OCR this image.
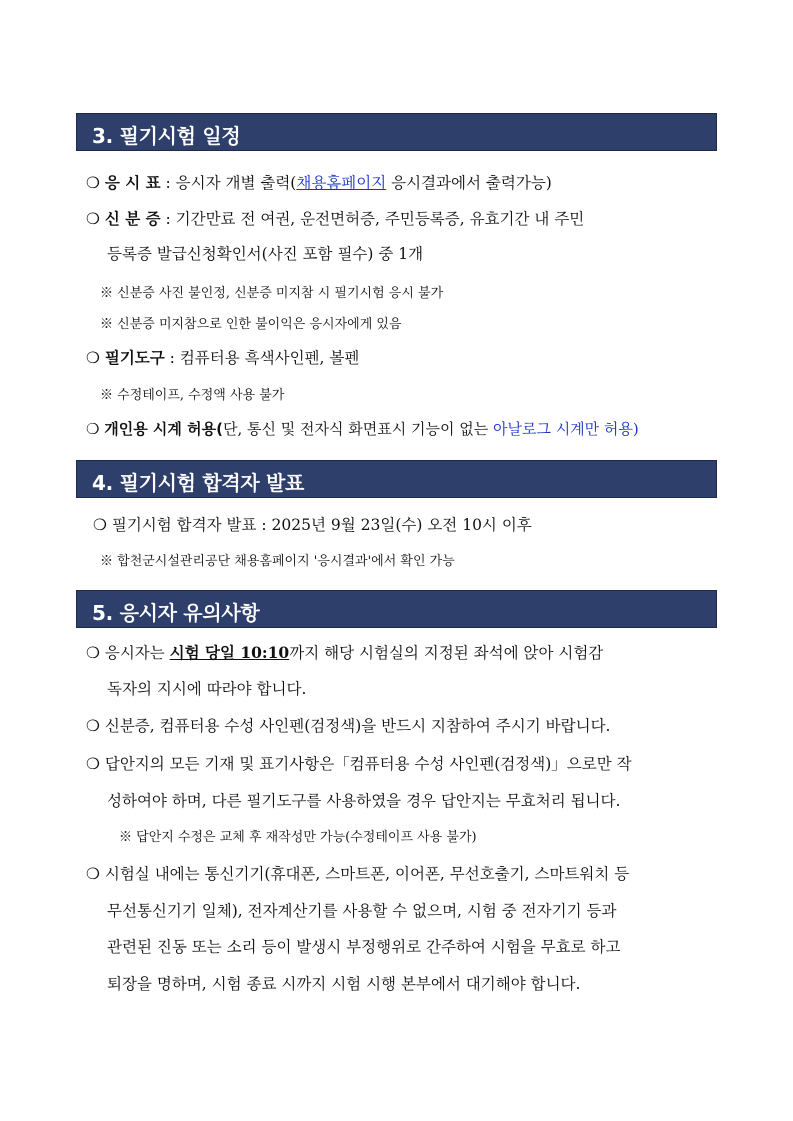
3. 필기시험 일정
❍ 응 시 표 : 응시자 개별 출력(채용홈페이지 응시결과에서 출력가능)
❍ 신 분 증 : 기간만료 전 여권, 운전면허증, 주민등록증, 유효기간 내 주민
등록증 발급신청확인서(사진 포함 필수) 중 1개
※ 신분증 사진 불인정, 신분증 미지참 시 필기시험 응시 불가
※ 신분증 미지참으로 인한 불이익은 응시자에게 있음
❍ 필기도구 : 컴퓨터용 흑색사인펜, 볼펜
※ 수정테이프, 수정액 사용 불가
❍ 개인용 시계 허용(단, 통신 및 전자식 화면표시 기능이 없는 아날로그 시계만 허용)
4. 필기시험 합격자 발표
❍ 필기시험 합격자 발표 : 2025년 9월 23일(수) 오전 10시 이후
※ 합천군시설관리공단 채용홈페이지 '응시결과'에서 확인 가능
5. 응시자 유의사항
❍ 응시자는 시험 당일 10:10까지 해당 시험실의 지정된 좌석에 앉아 시험감
독자의 지시에 따라야 합니다.
❍ 신분증, 컴퓨터용 수성 사인펜(검정색)을 반드시 지참하여 주시기 바랍니다.
❍ 답안지의 모든 기재 및 표기사항은「컴퓨터용 수성 사인펜(검정색)」으로만 작
성하여야 하며, 다른 필기도구를 사용하였을 경우 답안지는 무효처리 됩니다.
※ 답안지 수정은 교체 후 재작성만 가능(수정테이프 사용 불가)
❍ 시험실 내에는 통신기기(휴대폰, 스마트폰, 이어폰, 무선호출기, 스마트워치 등
무선통신기기 일체), 전자계산기를 사용할 수 없으며, 시험 중 전자기기 등과
관련된 진동 또는 소리 등이 발생시 부정행위로 간주하여 시험을 무효로 하고
퇴장을 명하며, 시험 종료 시까지 시험 시행 본부에서 대기해야 합니다.
